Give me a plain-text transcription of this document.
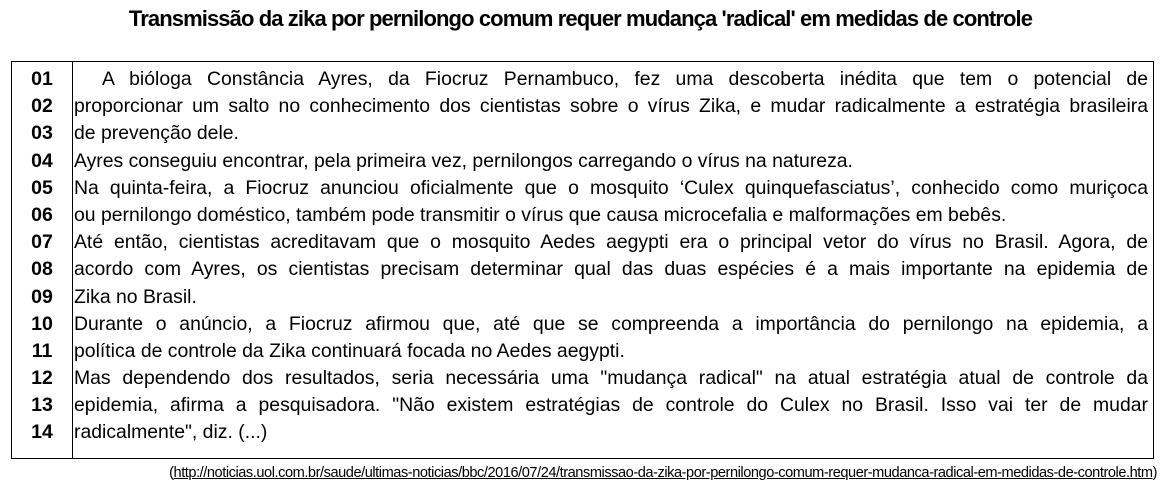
Transmissão da zika por pernilongo comum requer mudança 'radical' em medidas de controle
01
02
03
04
05
06
07
08
09
10
11
12
13
14
A bióloga Constância Ayres, da Fiocruz Pernambuco, fez uma descoberta inédita que tem o potencial de
proporcionar um salto no conhecimento dos cientistas sobre o vírus Zika, e mudar radicalmente a estratégia brasileira
de prevenção dele.
Ayres conseguiu encontrar, pela primeira vez, pernilongos carregando o vírus na natureza.
Na quinta-feira, a Fiocruz anunciou oficialmente que o mosquito ‘Culex quinquefasciatus’, conhecido como muriçoca
ou pernilongo doméstico, também pode transmitir o vírus que causa microcefalia e malformações em bebês.
Até então, cientistas acreditavam que o mosquito Aedes aegypti era o principal vetor do vírus no Brasil. Agora, de
acordo com Ayres, os cientistas precisam determinar qual das duas espécies é a mais importante na epidemia de
Zika no Brasil.
Durante o anúncio, a Fiocruz afirmou que, até que se compreenda a importância do pernilongo na epidemia, a
política de controle da Zika continuará focada no Aedes aegypti.
Mas dependendo dos resultados, seria necessária uma "mudança radical" na atual estratégia atual de controle da
epidemia, afirma a pesquisadora. "Não existem estratégias de controle do Culex no Brasil. Isso vai ter de mudar
radicalmente", diz. (...)
(http://noticias.uol.com.br/saude/ultimas-noticias/bbc/2016/07/24/transmissao-da-zika-por-pernilongo-comum-requer-mudanca-radical-em-medidas-de-controle.htm)
